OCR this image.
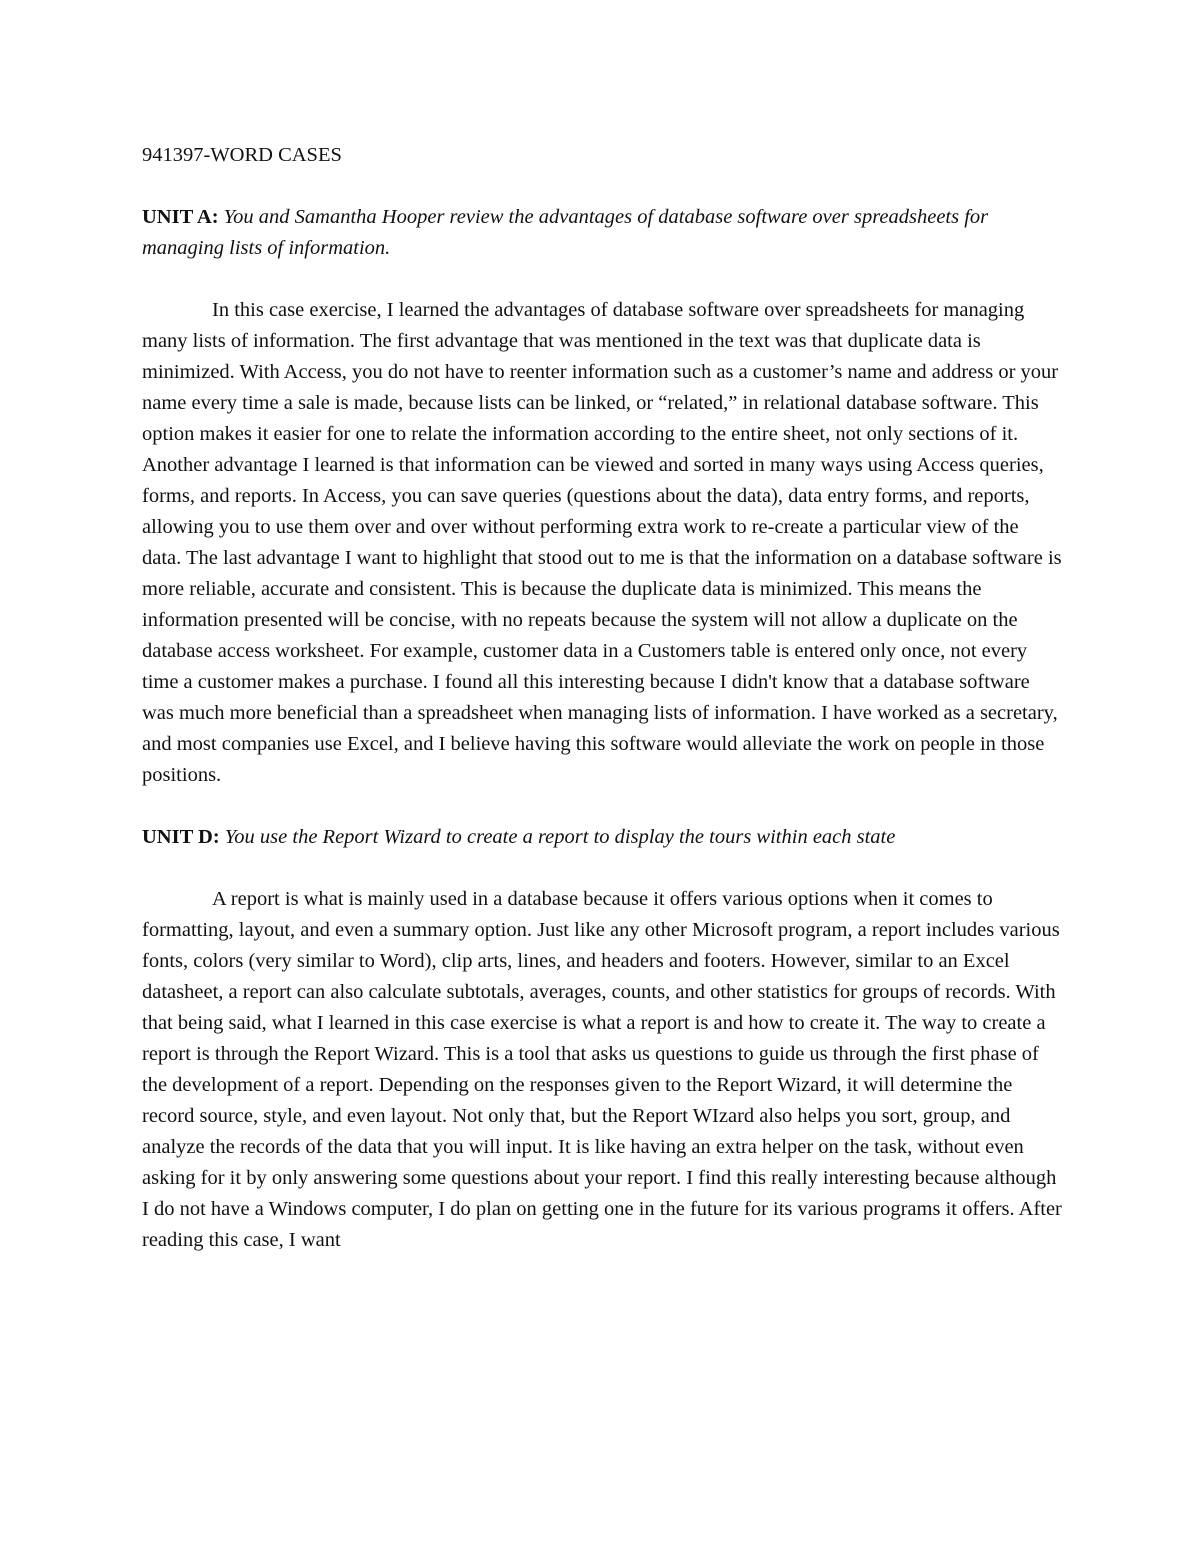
941397-WORD CASES

UNIT A: You and Samantha Hooper review the advantages of database software over spreadsheets for managing lists of information.

In this case exercise, I learned the advantages of database software over spreadsheets for managing many lists of information. The first advantage that was mentioned in the text was that duplicate data is minimized. With Access, you do not have to reenter information such as a customer’s name and address or your name every time a sale is made, because lists can be linked, or “related,” in relational database software. This option makes it easier for one to relate the information according to the entire sheet, not only sections of it. Another advantage I learned is that information can be viewed and sorted in many ways using Access queries, forms, and reports. In Access, you can save queries (questions about the data), data entry forms, and reports, allowing you to use them over and over without performing extra work to re-create a particular view of the data. The last advantage I want to highlight that stood out to me is that the information on a database software is more reliable, accurate and consistent. This is because the duplicate data is minimized. This means the information presented will be concise, with no repeats because the system will not allow a duplicate on the database access worksheet. For example, customer data in a Customers table is entered only once, not every time a customer makes a purchase. I found all this interesting because I didn't know that a database software was much more beneficial than a spreadsheet when managing lists of information. I have worked as a secretary, and most companies use Excel, and I believe having this software would alleviate the work on people in those positions.

UNIT D: You use the Report Wizard to create a report to display the tours within each state

A report is what is mainly used in a database because it offers various options when it comes to formatting, layout, and even a summary option. Just like any other Microsoft program, a report includes various fonts, colors (very similar to Word), clip arts, lines, and headers and footers. However, similar to an Excel datasheet, a report can also calculate subtotals, averages, counts, and other statistics for groups of records. With that being said, what I learned in this case exercise is what a report is and how to create it. The way to create a report is through the Report Wizard. This is a tool that asks us questions to guide us through the first phase of the development of a report. Depending on the responses given to the Report Wizard, it will determine the record source, style, and even layout. Not only that, but the Report WIzard also helps you sort, group, and analyze the records of the data that you will input. It is like having an extra helper on the task, without even asking for it by only answering some questions about your report. I find this really interesting because although I do not have a Windows computer, I do plan on getting one in the future for its various programs it offers. After reading this case, I want
